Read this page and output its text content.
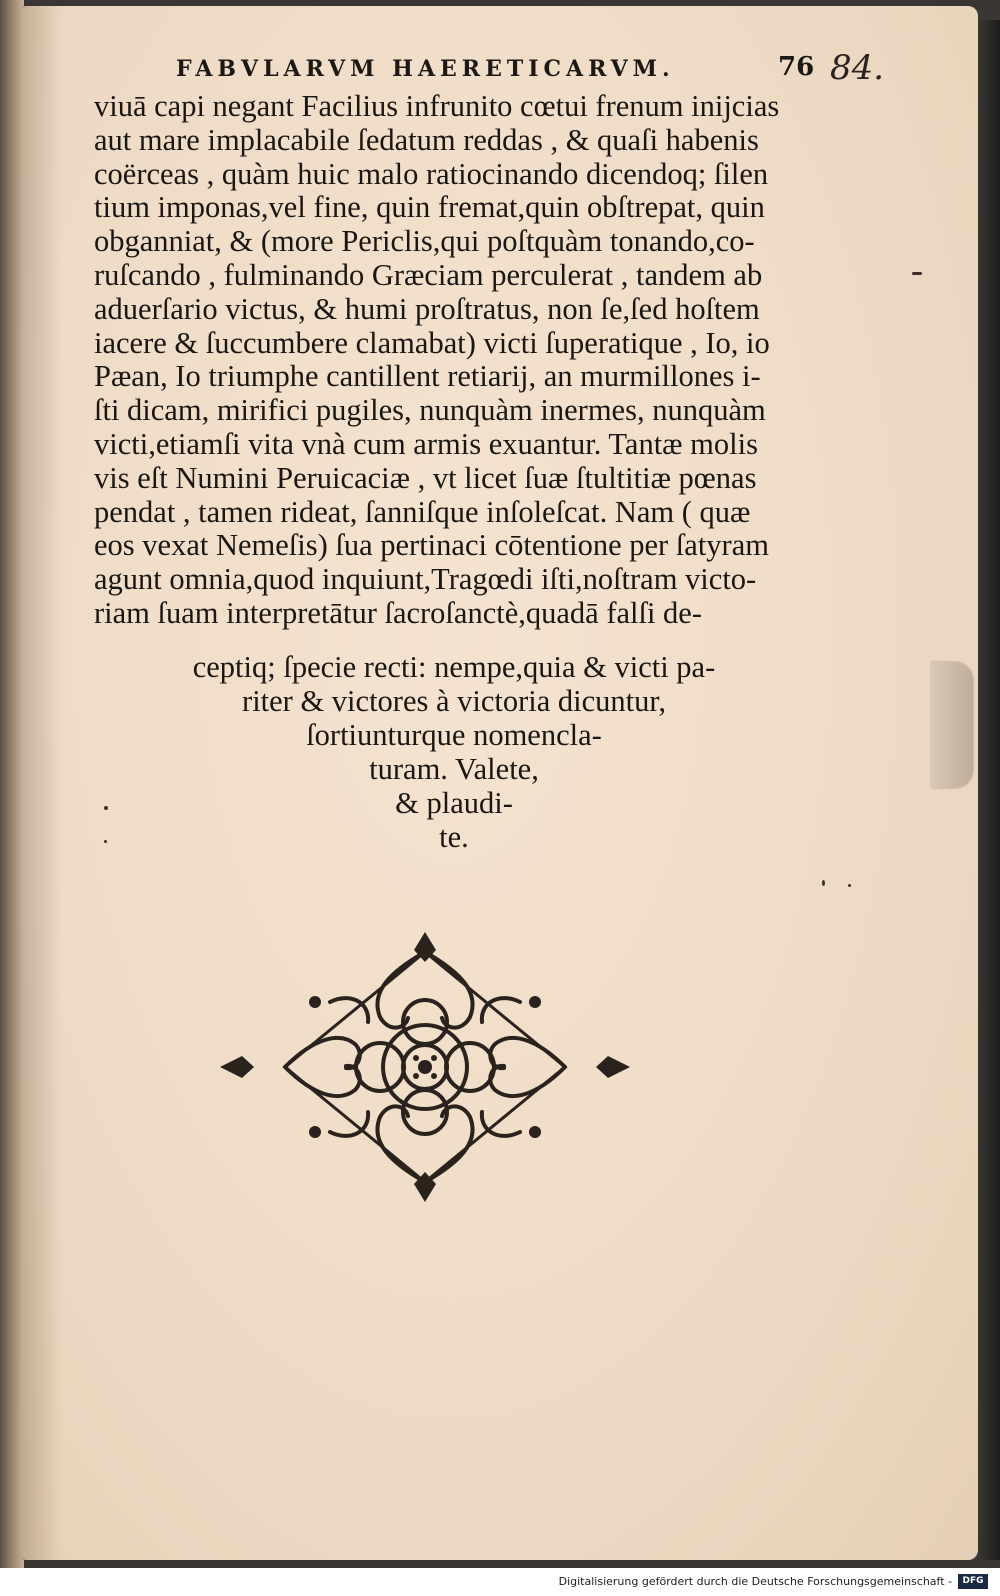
FABVLARVM HAERETICARVM.	76 84.
viuā capi negant Facilius infrunito cœtui frenum inijcias
aut mare implacabile ſedatum reddas , & quaſi habenis
coërceas , quàm huic malo ratiocinando dicendoq; ſilen
tium imponas,vel fine, quin fremat,quin obſtrepat, quin
obganniat, & (more Periclis,qui poſtquàm tonando,co-
ruſcando , fulminando Græciam perculerat , tandem ab
aduerſario victus, & humi proſtratus, non ſe,ſed hoſtem
iacere & ſuccumbere clamabat) victi ſuperatique , Io, io
Pæan, Io triumphe cantillent retiarij, an murmillones i-
ſti dicam, mirifici pugiles, nunquàm inermes, nunquàm
victi,etiamſi vita vnà cum armis exuantur. Tantæ molis
vis eſt Numini Peruicaciæ , vt licet ſuæ ſtultitiæ pœnas
pendat , tamen rideat, ſanniſque inſoleſcat. Nam ( quæ
eos vexat Nemeſis) ſua pertinaci cōtentione per ſatyram
agunt omnia,quod inquiunt,Tragœdi iſti,noſtram victo-
riam ſuam interpretātur ſacroſanctè,quadā falſi de-
ceptiq; ſpecie recti: nempe,quia & victi pa-
riter & victores à victoria dicuntur,
ſortiunturque nomencla-
turam. Valete,
& plaudi-
te.
Digitalisierung gefördert durch die Deutsche Forschungsgemeinschaft -	DFG
